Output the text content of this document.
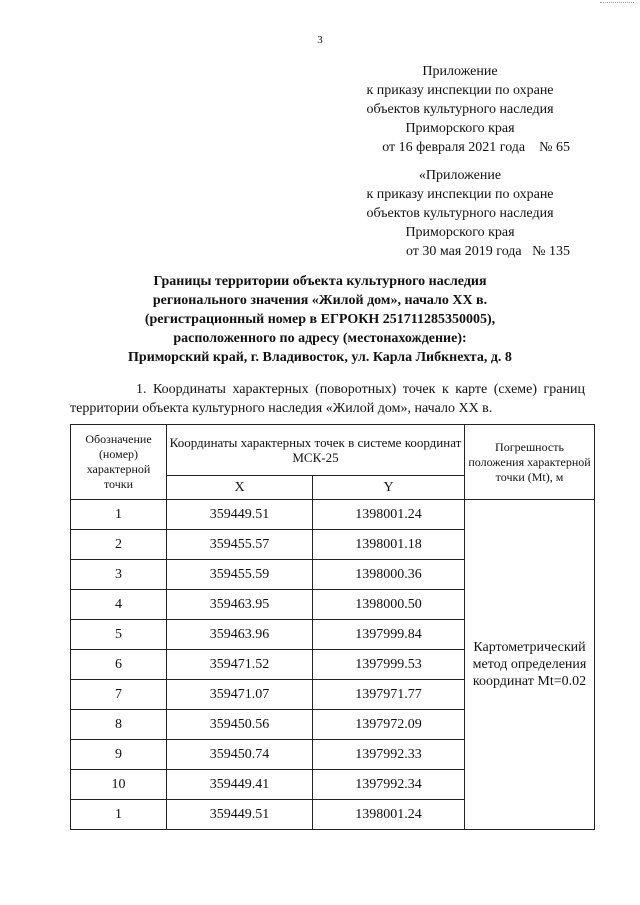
3
Приложение
к приказу инспекции по охране
объектов культурного наследия
Приморского края
от 16 февраля 2021 года № 65
«Приложение
к приказу инспекции по охране
объектов культурного наследия
Приморского края
от 30 мая 2019 года № 135
Границы территории объекта культурного наследия
регионального значения «Жилой дом», начало XX в.
(регистрационный номер в ЕГРОКН 251711285350005),
расположенного по адресу (местонахождение):
Приморский край, г. Владивосток, ул. Карла Либкнехта, д. 8
1. Координаты характерных (поворотных) точек к карте (схеме) границ территории объекта культурного наследия «Жилой дом», начало XX в.
Обозначение (номер) характерной точки	Координаты характерных точек в системе координат МСК-25		Погрешность положения характерной точки (Mt), м
	X	Y	
1	359449.51	1398001.24	Картометрический метод определения координат Mt=0.02
2	359455.57	1398001.18	
3	359455.59	1398000.36	
4	359463.95	1398000.50	
5	359463.96	1397999.84	
6	359471.52	1397999.53	
7	359471.07	1397971.77	
8	359450.56	1397972.09	
9	359450.74	1397992.33	
10	359449.41	1397992.34	
1	359449.51	1398001.24	
